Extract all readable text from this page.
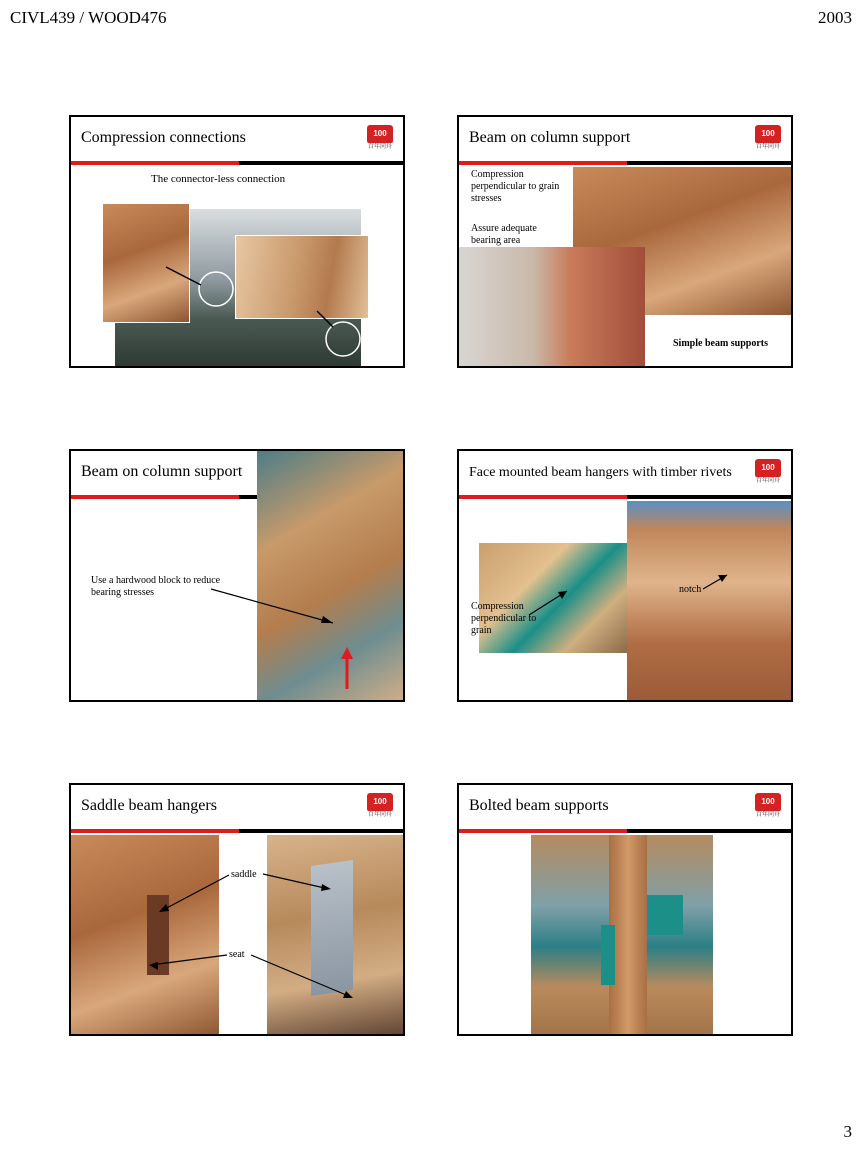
CIVL439 / WOOD476	2003
Compression connections	100
百年同舟
The connector-less connection
Beam on column support	100
百年同舟
Compression perpendicular to grain stresses
Assure adequate bearing area
Simple beam supports
Beam on column support
Use a hardwood block to reduce bearing stresses
Face mounted beam hangers with timber rivets	100
百年同舟
Compression perpendicular to grain
notch
Saddle beam hangers	100
百年同舟
saddle
seat
Bolted beam supports	100
百年同舟
3
